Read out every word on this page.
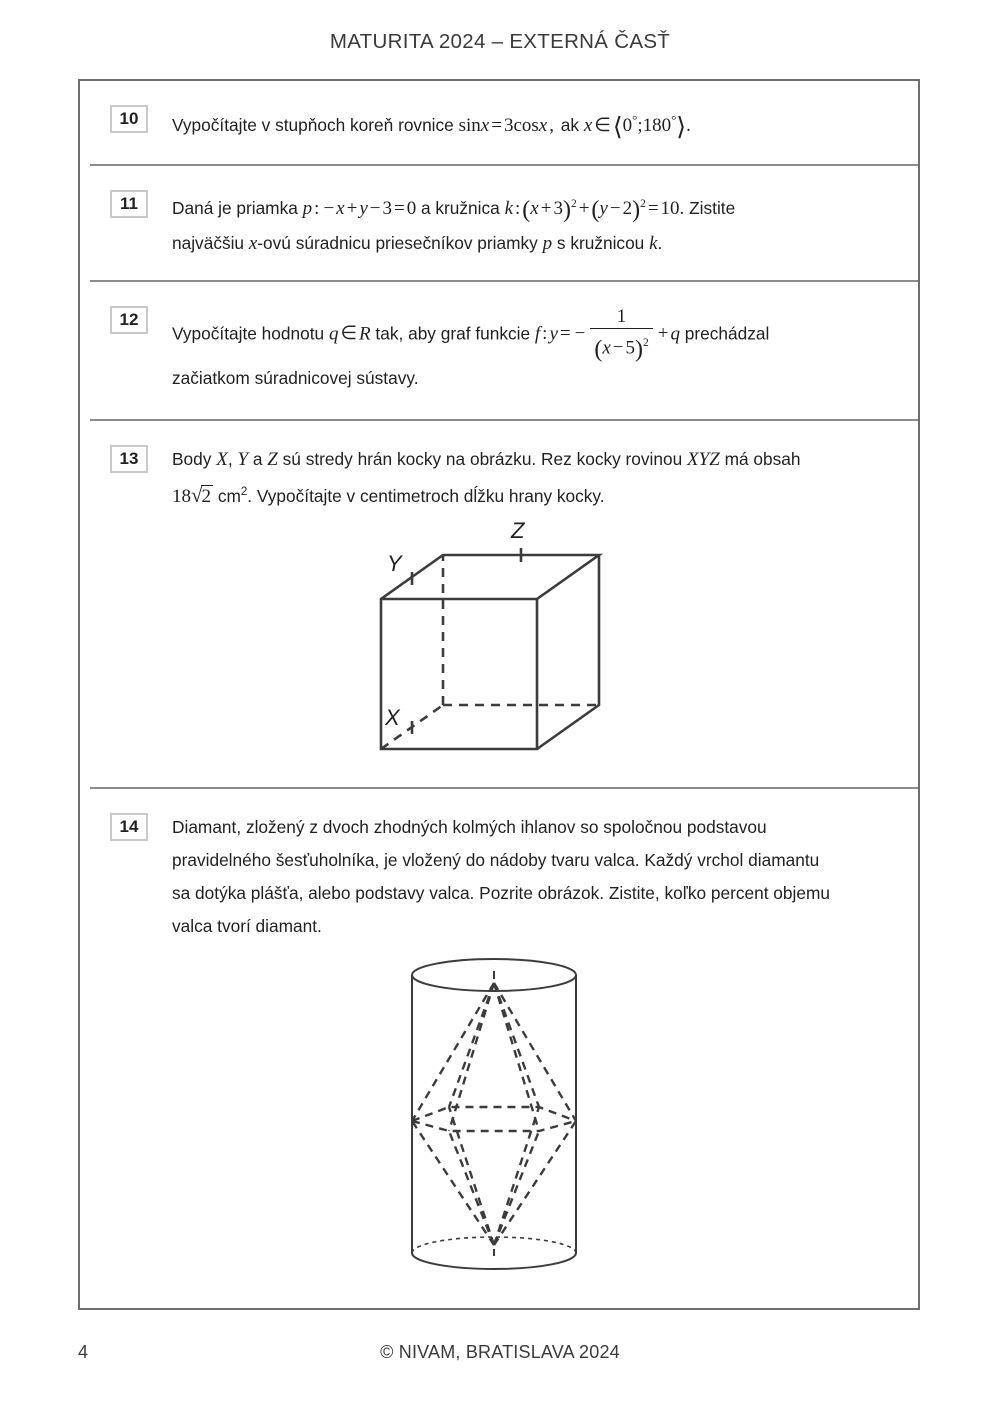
MATURITA 2024 – EXTERNÁ ČASŤ
10	Vypočítajte v stupňoch koreň rovnice sinx = 3cosx , ak x ∈⟨0°;180°⟩.
11	Daná je priamka p : − x + y − 3 = 0 a kružnica k :(x + $3)^2 +(y - 2)^2 = 10$. Zistite
najväčšiu x-ovú súradnicu priesečníkov priamky p s kružnicou k.
12
Vypočítajte hodnotu q ∈ R tak, aby graf funkcie f : y = − $\frac{1}{(x - 5)^2} + q$ prechádzal
začiatkom súradnicovej sústavy.
13	Body X, Y a Z sú stredy hrán kocky na obrázku. Rez kocky rovinou XYZ má obsah
18√2 $cm^2$. Vypočítajte v centimetroch dĺžku hrany kocky.
Y
Z
X
14	Diamant, zložený z dvoch zhodných kolmých ihlanov so spoločnou podstavou
pravidelného šesťuholníka, je vložený do nádoby tvaru valca. Každý vrchol diamantu
sa dotýka plášťa, alebo podstavy valca. Pozrite obrázok. Zistite, koľko percent objemu
valca tvorí diamant.
4	© NIVAM, BRATISLAVA 2024
